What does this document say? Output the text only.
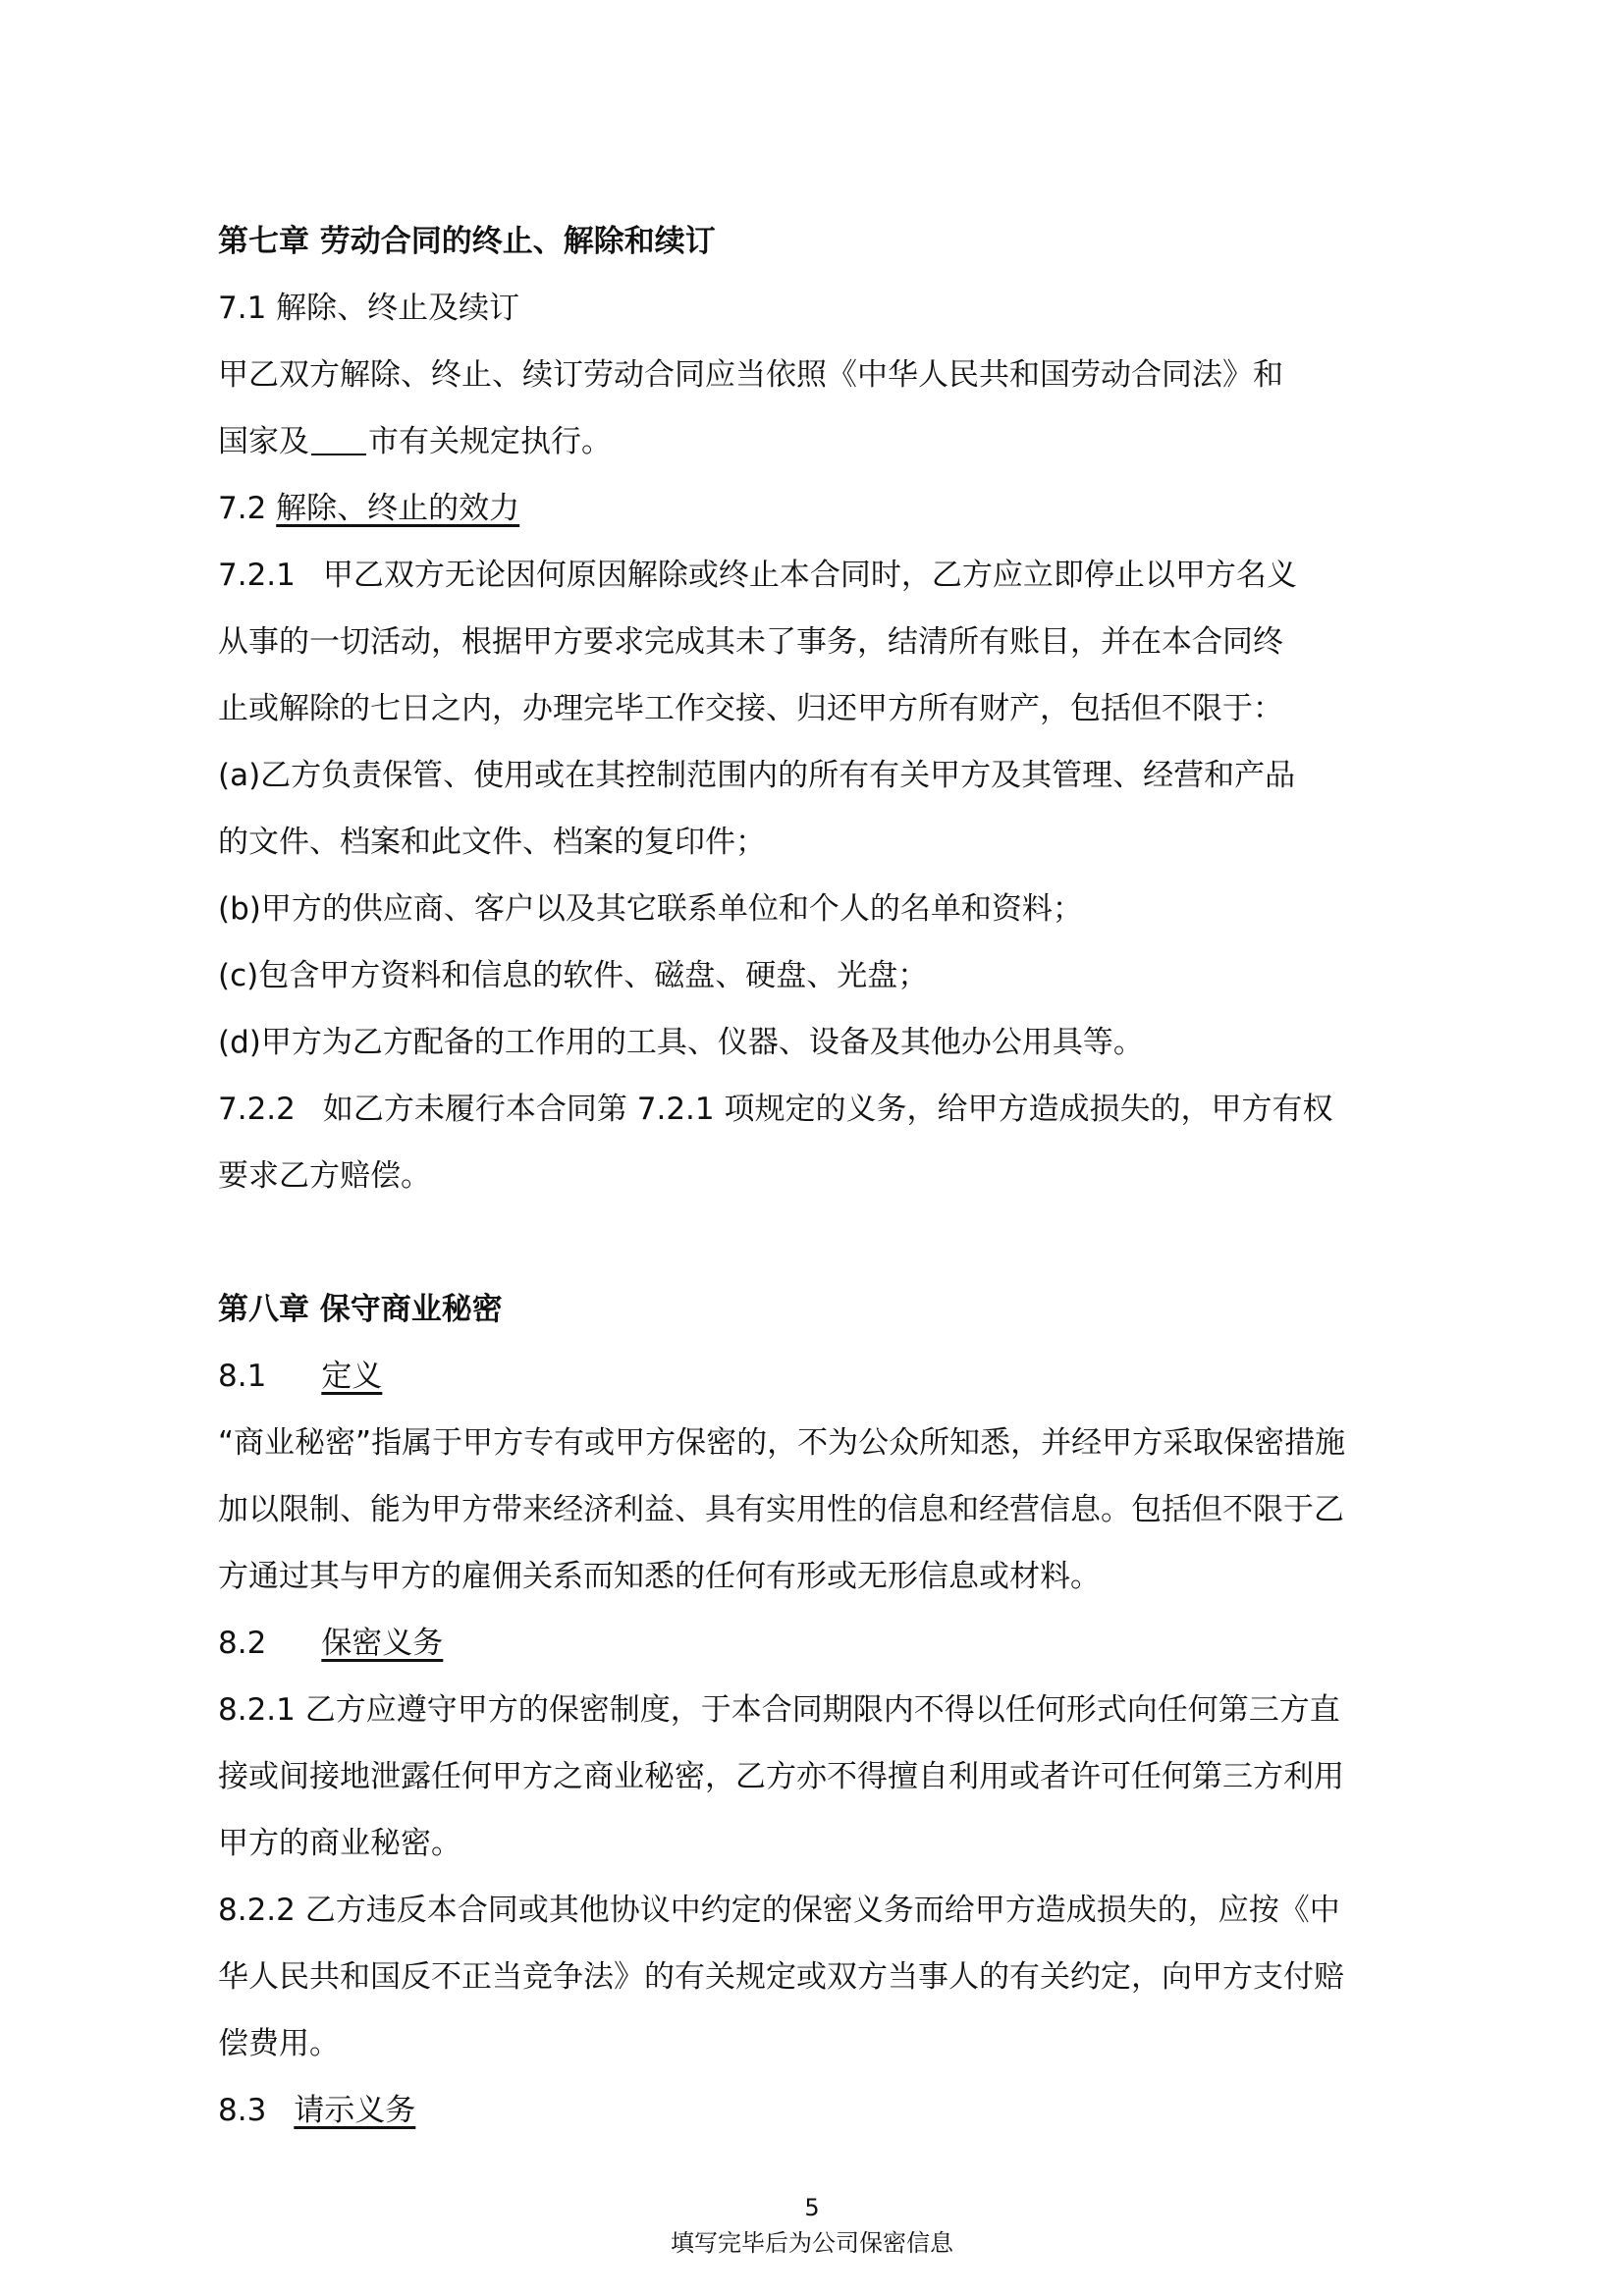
第七章 劳动合同的终止、解除和续订
7.1 解除、终止及续订
甲乙双方解除、终止、续订劳动合同应当依照《中华人民共和国劳动合同法》和
国家及 市有关规定执行。
7.2 解除、终止的效力
7.2.1 甲乙双方无论因何原因解除或终止本合同时，乙方应立即停止以甲方名义
从事的一切活动，根据甲方要求完成其未了事务，结清所有账目，并在本合同终
止或解除的七日之内，办理完毕工作交接、归还甲方所有财产，包括但不限于：
(a)乙方负责保管、使用或在其控制范围内的所有有关甲方及其管理、经营和产品
的文件、档案和此文件、档案的复印件；
(b)甲方的供应商、客户以及其它联系单位和个人的名单和资料；
(c)包含甲方资料和信息的软件、磁盘、硬盘、光盘；
(d)甲方为乙方配备的工作用的工具、仪器、设备及其他办公用具等。
7.2.2 如乙方未履行本合同第 7.2.1 项规定的义务，给甲方造成损失的，甲方有权
要求乙方赔偿。
第八章 保守商业秘密
8.1 定义
“商业秘密”指属于甲方专有或甲方保密的，不为公众所知悉，并经甲方采取保密措施
加以限制、能为甲方带来经济利益、具有实用性的信息和经营信息。包括但不限于乙
方通过其与甲方的雇佣关系而知悉的任何有形或无形信息或材料。
8.2 保密义务
8.2.1 乙方应遵守甲方的保密制度，于本合同期限内不得以任何形式向任何第三方直
接或间接地泄露任何甲方之商业秘密，乙方亦不得擅自利用或者许可任何第三方利用
甲方的商业秘密。
8.2.2 乙方违反本合同或其他协议中约定的保密义务而给甲方造成损失的，应按《中
华人民共和国反不正当竞争法》的有关规定或双方当事人的有关约定，向甲方支付赔
偿费用。
8.3 请示义务
5
填写完毕后为公司保密信息
